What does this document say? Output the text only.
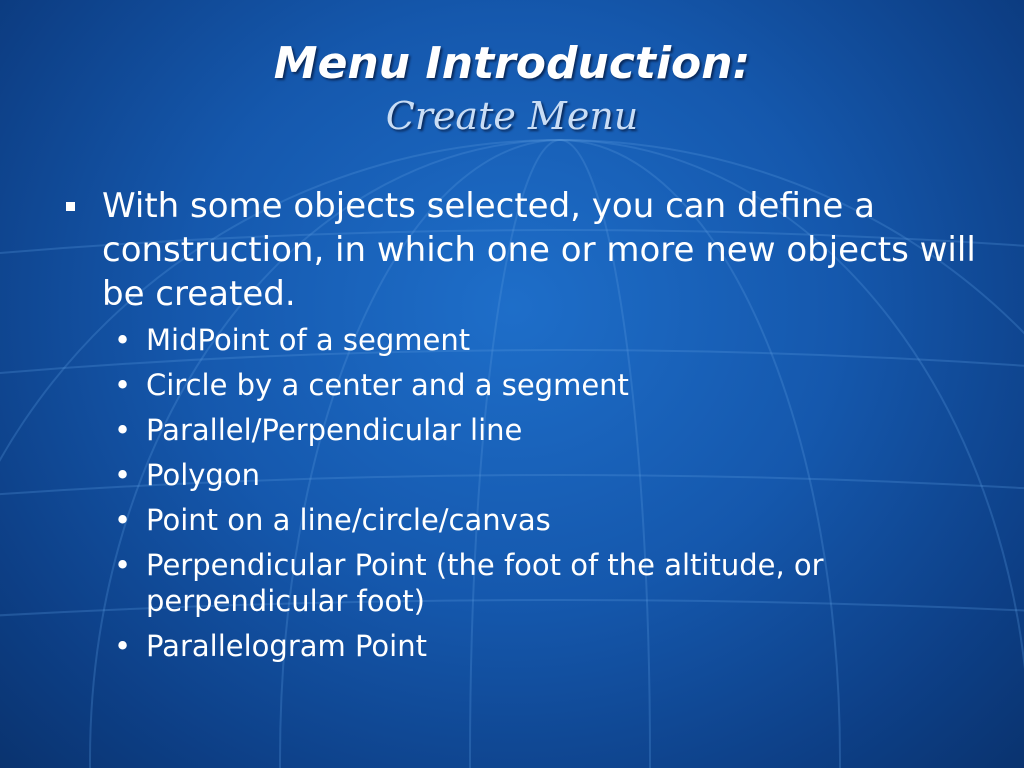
Menu Introduction:
Create Menu
With some objects selected, you can define a construction, in which one or more new objects will be created.
• MidPoint of a segment
• Circle by a center and a segment
• Parallel/Perpendicular line
• Polygon
• Point on a line/circle/canvas
• Perpendicular Point (the foot of the altitude, or perpendicular foot)
• Parallelogram Point
